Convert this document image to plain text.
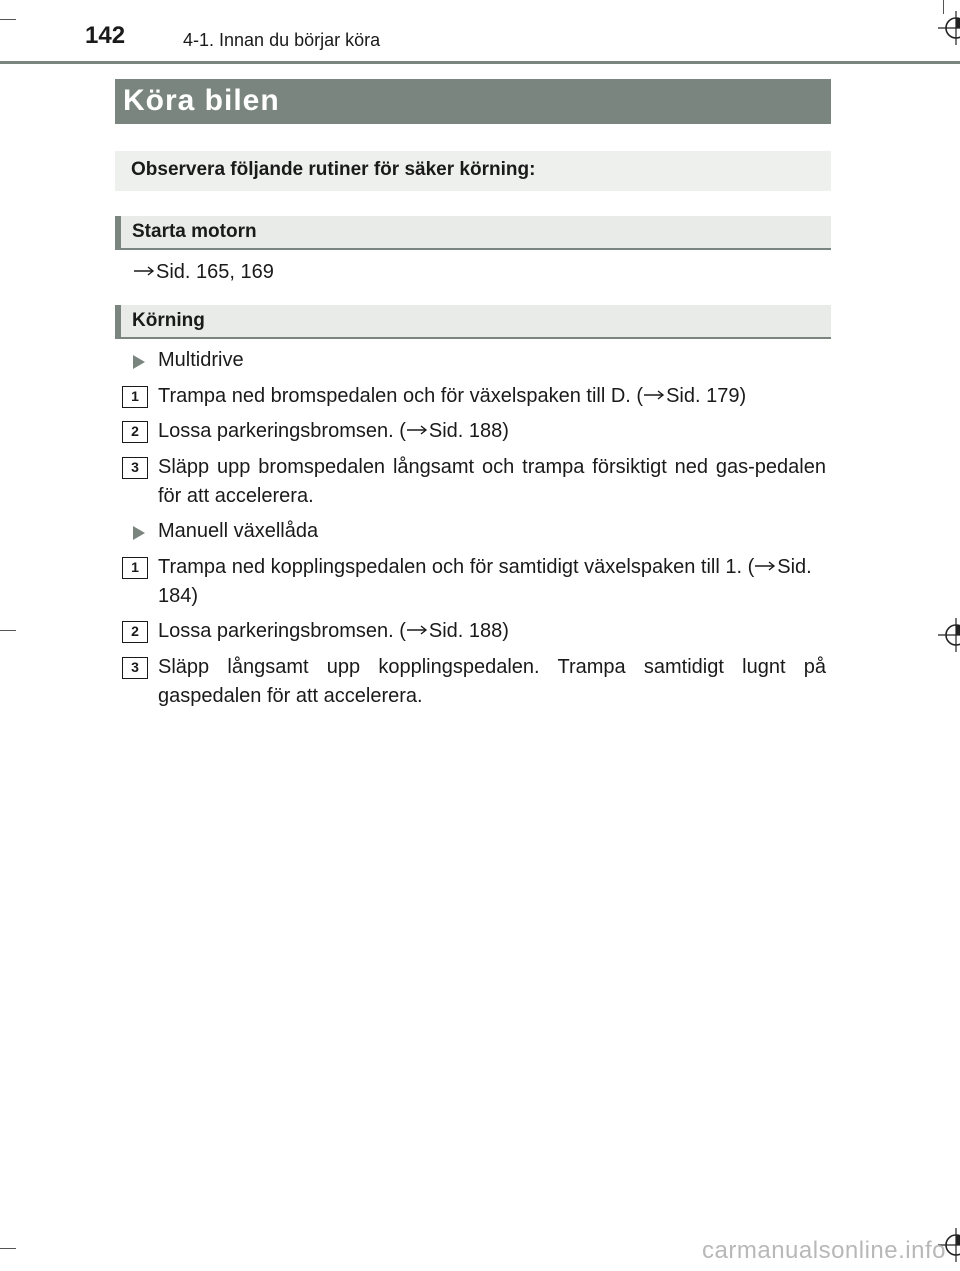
142	4-1. Innan du börjar köra
Köra bilen
Observera följande rutiner för säker körning:
Starta motorn
Sid. 165, 169
Körning
Multidrive
1 Trampa ned bromspedalen och för växelspaken till D. ( Sid. 179)
2 Lossa parkeringsbromsen. ( Sid. 188)
3 Släpp upp bromspedalen långsamt och trampa försiktigt ned gas-pedalen för att accelerera.
Manuell växellåda
1 Trampa ned kopplingspedalen och för samtidigt växelspaken till 1. ( Sid. 184)
2 Lossa parkeringsbromsen. ( Sid. 188)
3 Släpp långsamt upp kopplingspedalen. Trampa samtidigt lugnt på gaspedalen för att accelerera.
carmanualsonline.info
